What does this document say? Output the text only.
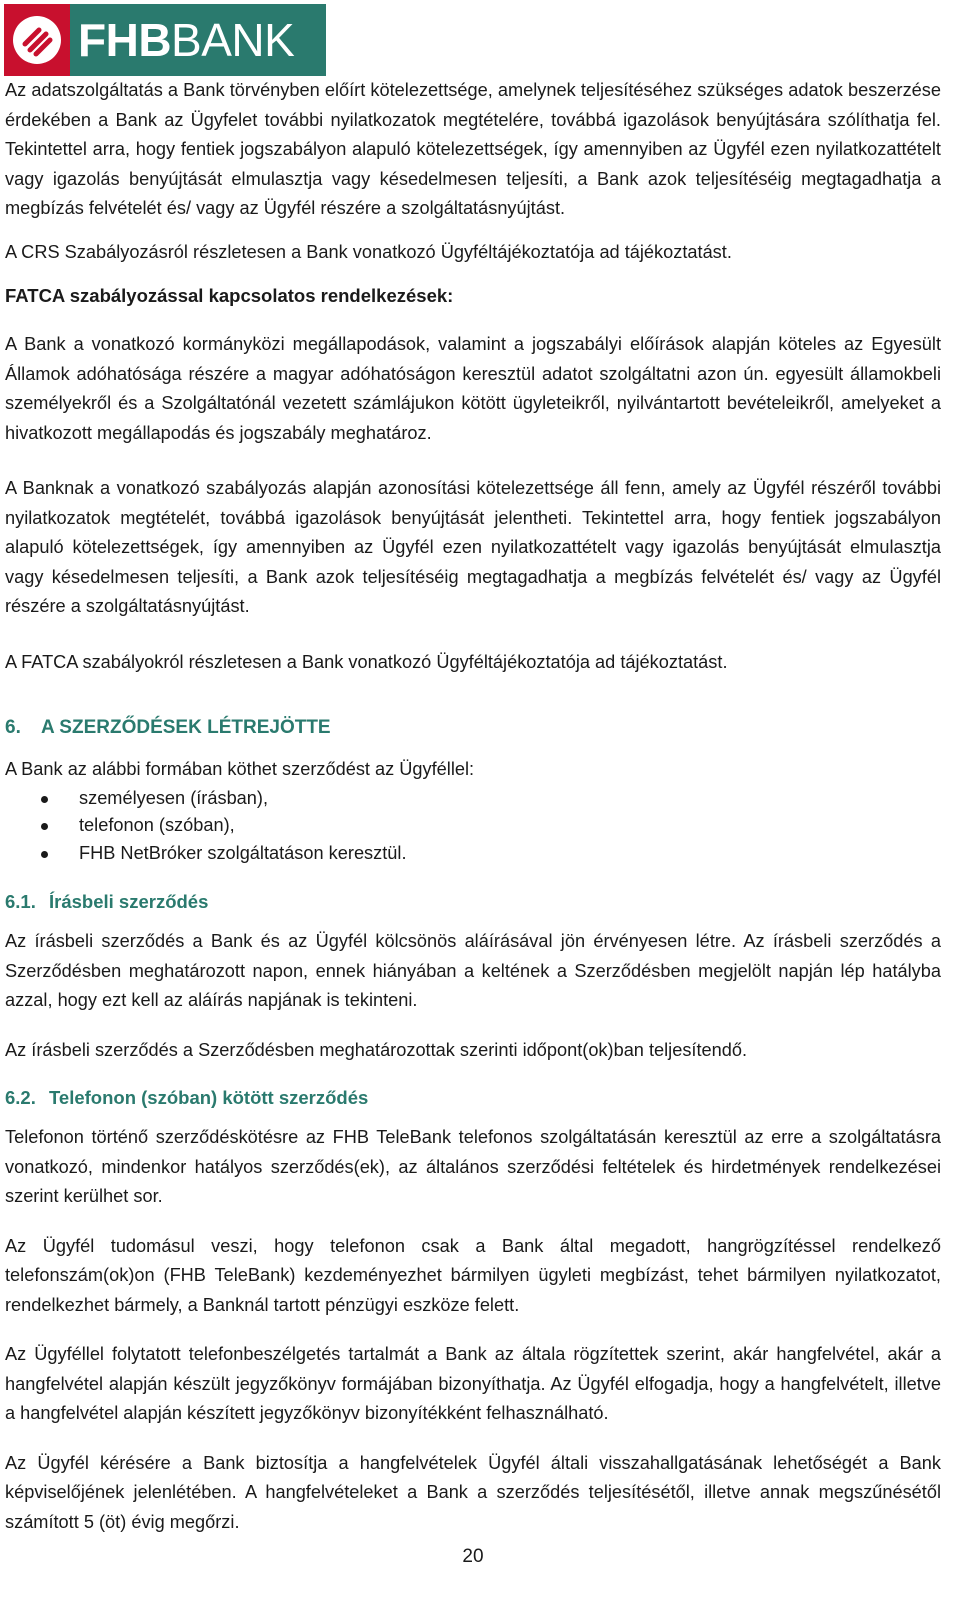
FHBBANK

Az adatszolgáltatás a Bank törvényben előírt kötelezettsége, amelynek teljesítéséhez szükséges adatok beszerzése érdekében a Bank az Ügyfelet további nyilatkozatok megtételére, továbbá igazolások benyújtására szólíthatja fel. Tekintettel arra, hogy fentiek jogszabályon alapuló kötelezettségek, így amennyiben az Ügyfél ezen nyilatkozattételt vagy igazolás benyújtását elmulasztja vagy késedelmesen teljesíti, a Bank azok teljesítéséig megtagadhatja a megbízás felvételét és/ vagy az Ügyfél részére a szolgáltatásnyújtást.

A CRS Szabályozásról részletesen a Bank vonatkozó Ügyféltájékoztatója ad tájékoztatást.

FATCA szabályozással kapcsolatos rendelkezések:

A Bank a vonatkozó kormányközi megállapodások, valamint a jogszabályi előírások alapján köteles az Egyesült Államok adóhatósága részére a magyar adóhatóságon keresztül adatot szolgáltatni azon ún. egyesült államokbeli személyekről és a Szolgáltatónál vezetett számlájukon kötött ügyleteikről, nyilvántartott bevételeikről, amelyeket a hivatkozott megállapodás és jogszabály meghatároz.

A Banknak a vonatkozó szabályozás alapján azonosítási kötelezettsége áll fenn, amely az Ügyfél részéről további nyilatkozatok megtételét, továbbá igazolások benyújtását jelentheti. Tekintettel arra, hogy fentiek jogszabályon alapuló kötelezettségek, így amennyiben az Ügyfél ezen nyilatkozattételt vagy igazolás benyújtását elmulasztja vagy késedelmesen teljesíti, a Bank azok teljesítéséig megtagadhatja a megbízás felvételét és/ vagy az Ügyfél részére a szolgáltatásnyújtást.

A FATCA szabályokról részletesen a Bank vonatkozó Ügyféltájékoztatója ad tájékoztatást.

6. A SZERZŐDÉSEK LÉTREJÖTTE

A Bank az alábbi formában köthet szerződést az Ügyféllel:

személyesen (írásban),
telefonon (szóban),
FHB NetBróker szolgáltatáson keresztül.
6.1. Írásbeli szerződés

Az írásbeli szerződés a Bank és az Ügyfél kölcsönös aláírásával jön érvényesen létre. Az írásbeli szerződés a Szerződésben meghatározott napon, ennek hiányában a keltének a Szerződésben megjelölt napján lép hatályba azzal, hogy ezt kell az aláírás napjának is tekinteni.

Az írásbeli szerződés a Szerződésben meghatározottak szerinti időpont(ok)ban teljesítendő.

6.2. Telefonon (szóban) kötött szerződés

Telefonon történő szerződéskötésre az FHB TeleBank telefonos szolgáltatásán keresztül az erre a szolgáltatásra vonatkozó, mindenkor hatályos szerződés(ek), az általános szerződési feltételek és hirdetmények rendelkezései szerint kerülhet sor.

Az Ügyfél tudomásul veszi, hogy telefonon csak a Bank által megadott, hangrögzítéssel rendelkező telefonszám(ok)on (FHB TeleBank) kezdeményezhet bármilyen ügyleti megbízást, tehet bármilyen nyilatkozatot, rendelkezhet bármely, a Banknál tartott pénzügyi eszköze felett.

Az Ügyféllel folytatott telefonbeszélgetés tartalmát a Bank az általa rögzítettek szerint, akár hangfelvétel, akár a hangfelvétel alapján készült jegyzőkönyv formájában bizonyíthatja. Az Ügyfél elfogadja, hogy a hangfelvételt, illetve a hangfelvétel alapján készített jegyzőkönyv bizonyítékként felhasználható.

Az Ügyfél kérésére a Bank biztosítja a hangfelvételek Ügyfél általi visszahallgatásának lehetőségét a Bank képviselőjének jelenlétében. A hangfelvételeket a Bank a szerződés teljesítésétől, illetve annak megszűnésétől számított 5 (öt) évig megőrzi.

20
